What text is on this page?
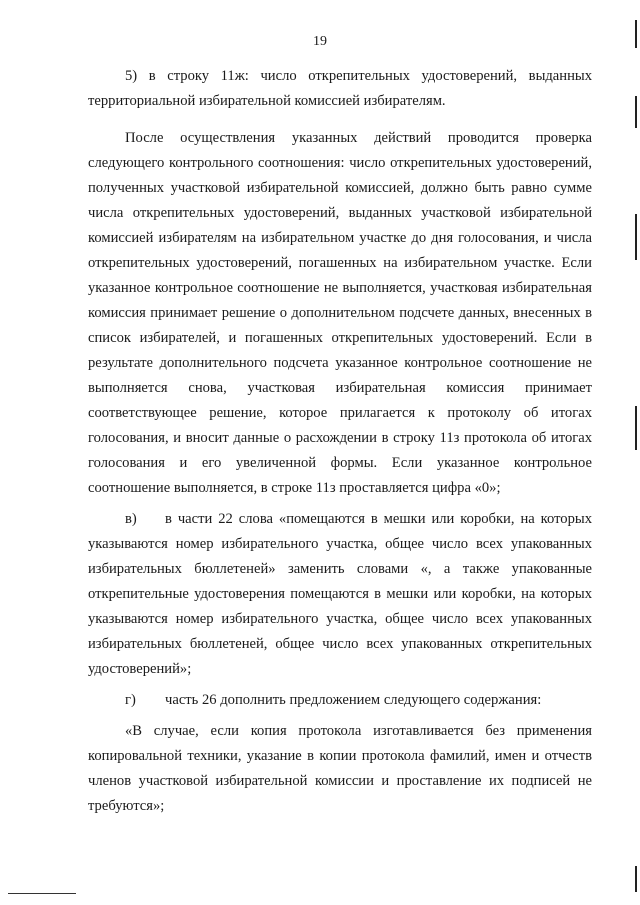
19

5) в строку 11ж: число открепительных удостоверений, выданных территориальной избирательной комиссией избирателям.

После осуществления указанных действий проводится проверка следующего контрольного соотношения: число открепительных удостоверений, полученных участковой избирательной комиссией, должно быть равно сумме числа открепительных удостоверений, выданных участковой избирательной комиссией избирателям на избирательном участке до дня голосования, и числа открепительных удостоверений, погашенных на избирательном участке. Если указанное контрольное соотношение не выполняется, участковая избирательная комиссия принимает решение о дополнительном подсчете данных, внесенных в список избирателей, и погашенных открепительных удостоверений. Если в результате дополнительного подсчета указанное контрольное соотношение не выполняется снова, участковая избирательная комиссия принимает соответствующее решение, которое прилагается к протоколу об итогах голосования, и вносит данные о расхождении в строку 11з протокола об итогах голосования и его увеличенной формы. Если указанное контрольное соотношение выполняется, в строке 11з проставляется цифра «0»;

в) в части 22 слова «помещаются в мешки или коробки, на которых указываются номер избирательного участка, общее число всех упакованных избирательных бюллетеней» заменить словами «, а также упакованные открепительные удостоверения помещаются в мешки или коробки, на которых указываются номер избирательного участка, общее число всех упакованных избирательных бюллетеней, общее число всех упакованных открепительных удостоверений»;

г) часть 26 дополнить предложением следующего содержания:

«В случае, если копия протокола изготавливается без применения копировальной техники, указание в копии протокола фамилий, имен и отчеств членов участковой избирательной комиссии и проставление их подписей не требуются»;
